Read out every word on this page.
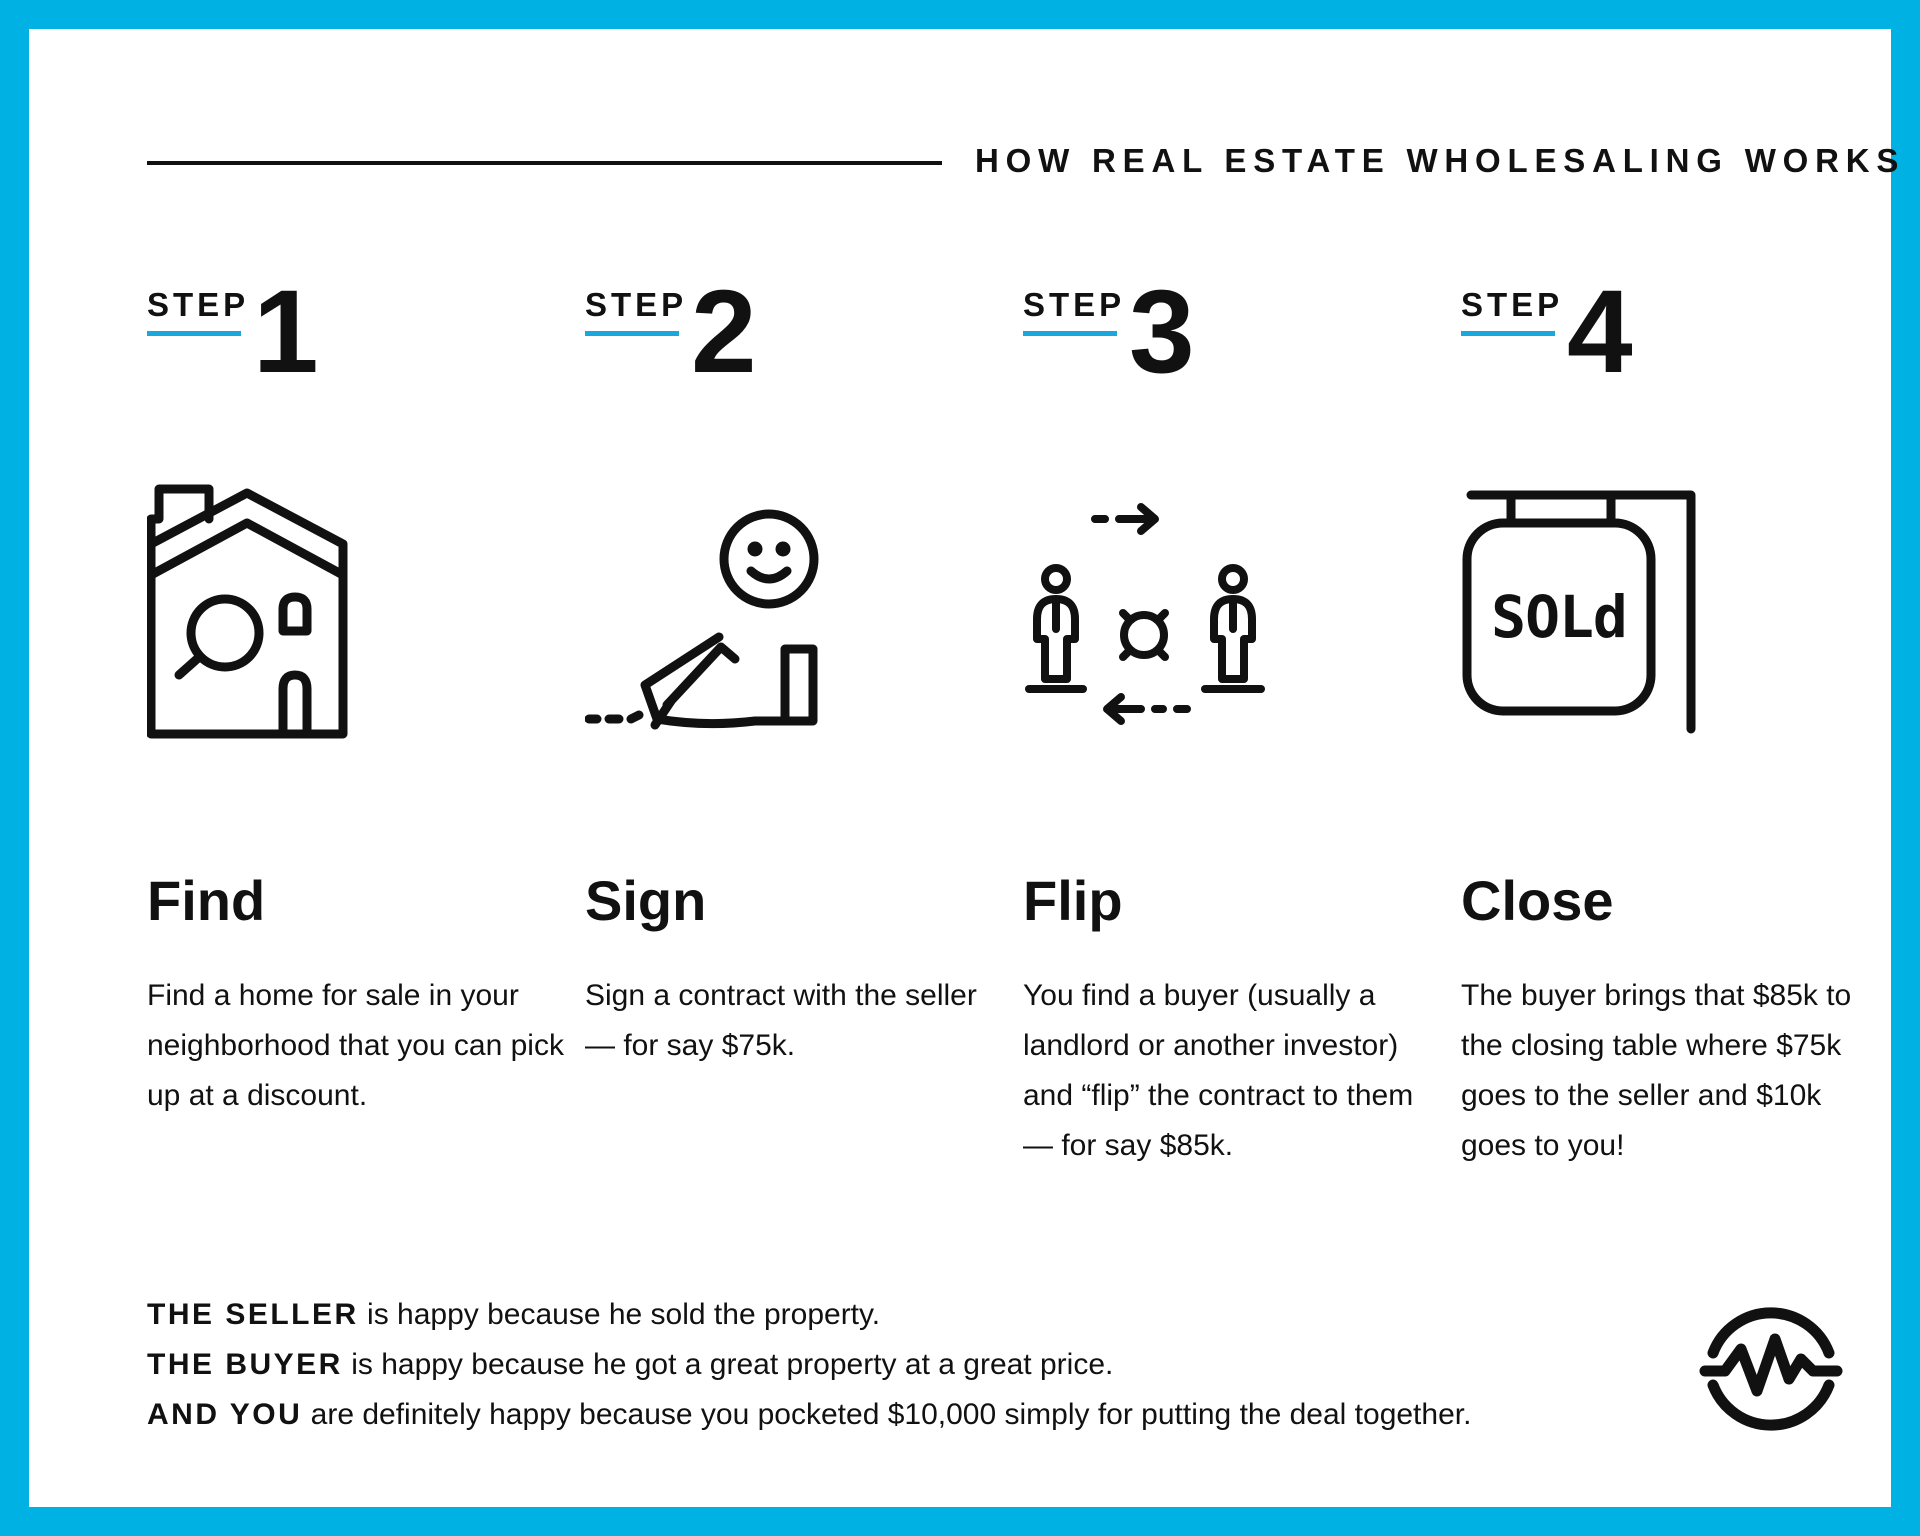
HOW REAL ESTATE WHOLESALING WORKS
STEP 1
Find
Find a home for sale in your neighborhood that you can pick up at a discount.
STEP 2
Sign
Sign a contract with the seller — for say $75k.
STEP 3
Flip
You find a buyer (usually a landlord or another investor) and “flip” the contract to them — for say $85k.
STEP 4
SOLd
Close
The buyer brings that $85k to the closing table where $75k goes to the seller and $10k goes to you!
THE SELLER is happy because he sold the property.
THE BUYER is happy because he got a great property at a great price.
AND YOU are definitely happy because you pocketed $10,000 simply for putting the deal together.
